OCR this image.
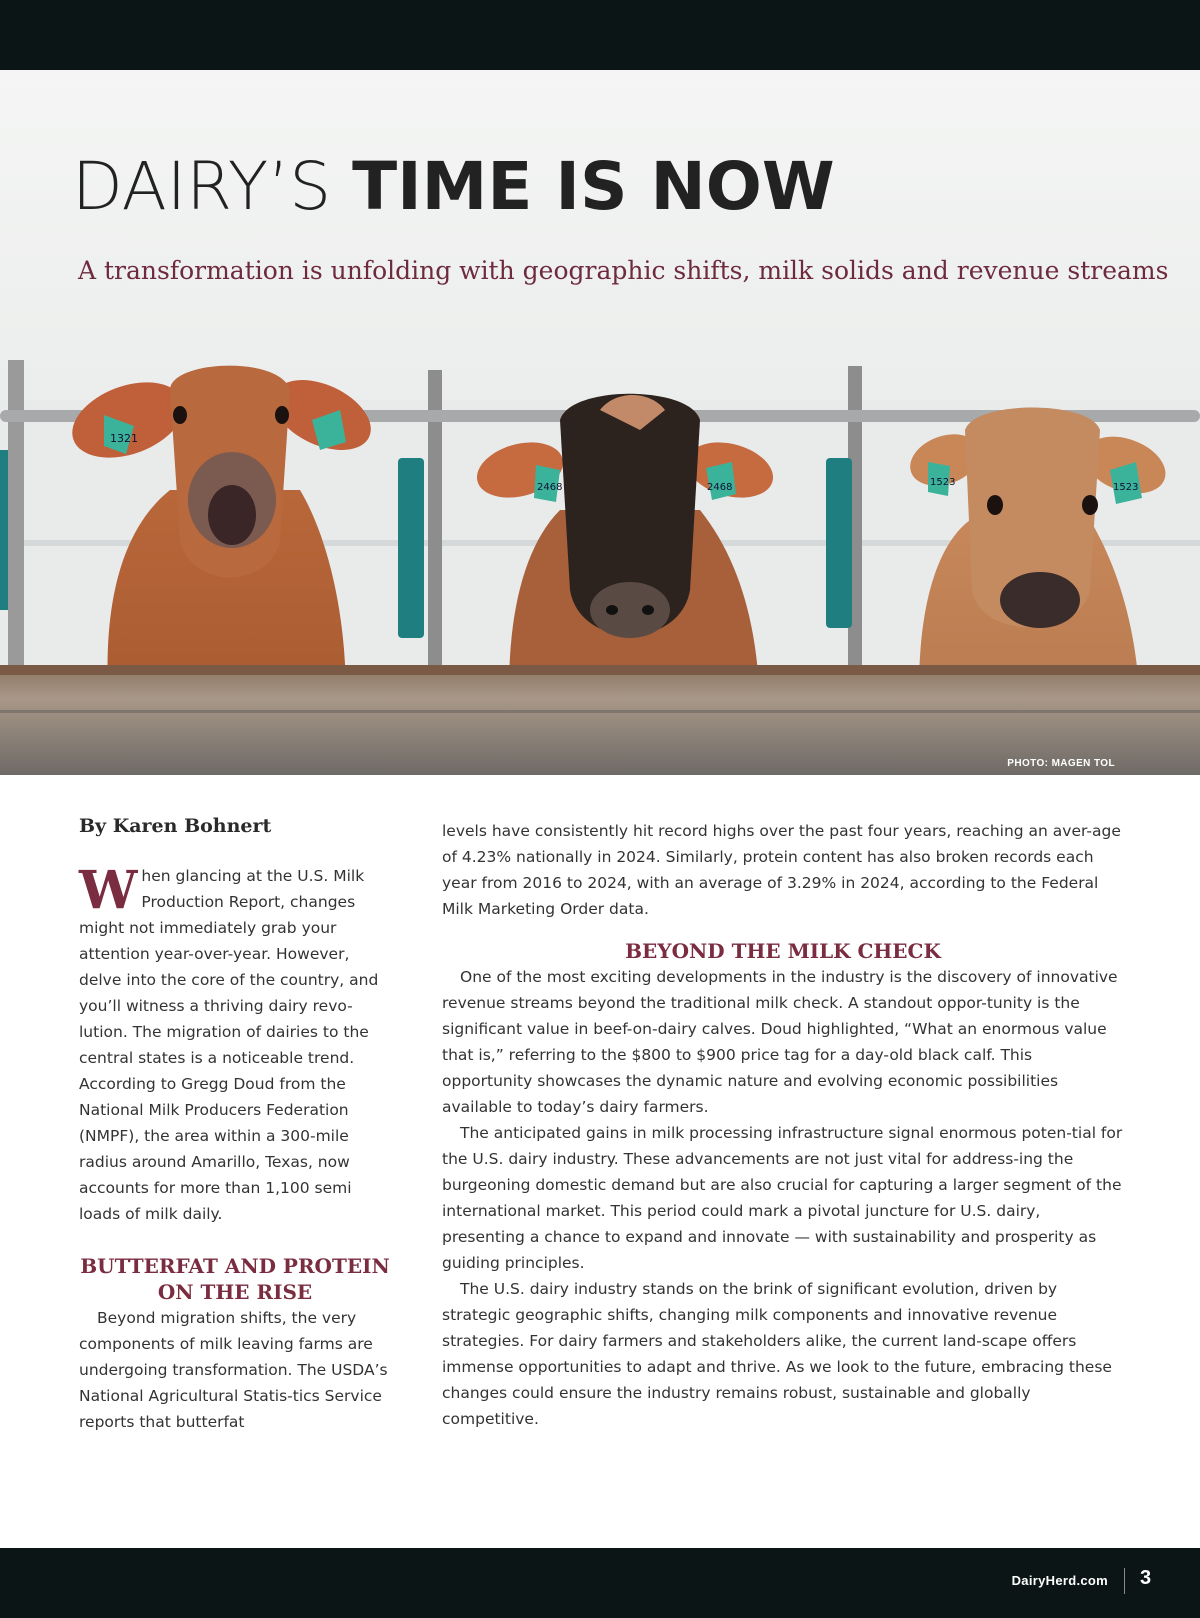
1321
2468	2468	1523	1523
DAIRY’S TIME IS NOW

A transformation is unfolding with geographic shifts, milk solids and revenue streams

PHOTO: MAGEN TOL

By Karen Bohnert

When glancing at the U.S. Milk Production Report, changes might not immediately grab your attention year-over-year. However, delve into the core of the country, and you’ll witness a thriving dairy revo-lution. The migration of dairies to the central states is a noticeable trend. According to Gregg Doud from the National Milk Producers Federation (NMPF), the area within a 300-mile radius around Amarillo, Texas, now accounts for more than 1,100 semi loads of milk daily.

BUTTERFAT AND PROTEIN ON THE RISE

Beyond migration shifts, the very components of milk leaving farms are undergoing transformation. The USDA’s National Agricultural Statis-tics Service reports that butterfat

levels have consistently hit record highs over the past four years, reaching an aver-age of 4.23% nationally in 2024. Similarly, protein content has also broken records each year from 2016 to 2024, with an average of 3.29% in 2024, according to the Federal Milk Marketing Order data.

BEYOND THE MILK CHECK

One of the most exciting developments in the industry is the discovery of innovative revenue streams beyond the traditional milk check. A standout oppor-tunity is the significant value in beef-on-dairy calves. Doud highlighted, “What an enormous value that is,” referring to the $800 to $900 price tag for a day-old black calf. This opportunity showcases the dynamic nature and evolving economic possibilities available to today’s dairy farmers.

The anticipated gains in milk processing infrastructure signal enormous poten-tial for the U.S. dairy industry. These advancements are not just vital for address-ing the burgeoning domestic demand but are also crucial for capturing a larger segment of the international market. This period could mark a pivotal juncture for U.S. dairy, presenting a chance to expand and innovate — with sustainability and prosperity as guiding principles.

The U.S. dairy industry stands on the brink of significant evolution, driven by strategic geographic shifts, changing milk components and innovative revenue strategies. For dairy farmers and stakeholders alike, the current land-scape offers immense opportunities to adapt and thrive. As we look to the future, embracing these changes could ensure the industry remains robust, sustainable and globally competitive.

DairyHerd.com 3
